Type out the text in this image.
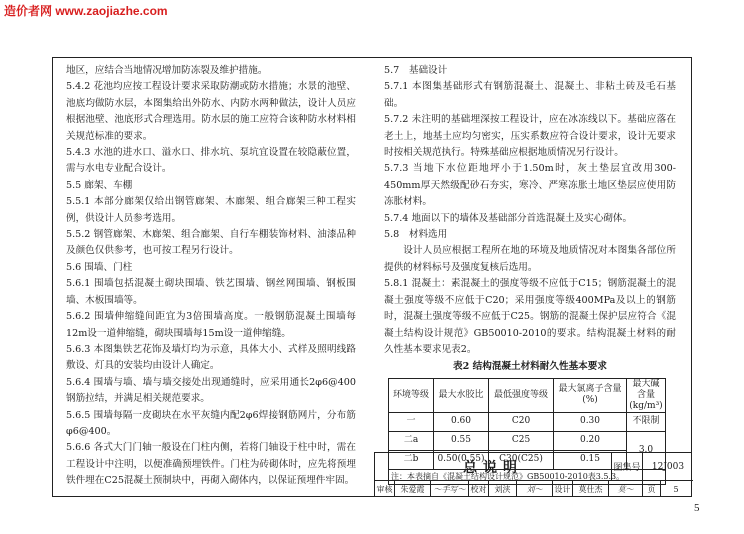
造价者网 www.zaojiazhe.com

地区，应结合当地情况增加防冻裂及维护措施。

5.4.2 花池均应按工程设计要求采取防潮或防水措施；水景的池壁、池底均做防水层，本图集给出外防水、内防水两种做法，设计人员应根据池壁、池底形式合理选用。防水层的施工应符合该种防水材料相关规范标准的要求。

5.4.3 水池的进水口、溢水口、排水坑、泵坑宜设置在较隐蔽位置，需与水电专业配合设计。

5.5 廊架、车棚

5.5.1 本部分廊架仅给出钢管廊架、木廊架、组合廊架三种工程实例，供设计人员参考选用。

5.5.2 钢管廊架、木廊架、组合廊架、自行车棚装饰材料、油漆品种及颜色仅供参考，也可按工程另行设计。

5.6 围墙、门柱

5.6.1 围墙包括混凝土砌块围墙、铁艺围墙、钢丝网围墙、钢板围墙、木板围墙等。

5.6.2 围墙伸缩缝间距宜为3倍围墙高度。一般钢筋混凝土围墙每12m设一道伸缩缝，砌块围墙每15m设一道伸缩缝。

5.6.3 本图集铁艺花饰及墙灯均为示意，具体大小、式样及照明线路敷设、灯具的安装均由设计人确定。

5.6.4 围墙与墙、墙与墙交接处出现通缝时，应采用通长2φ6@400钢筋拉结，并满足相关规范要求。

5.6.5 围墙每隔一皮砌块在水平灰缝内配2φ6焊接钢筋网片，分布筋φ6@400。

5.6.6 各式大门门轴一般设在门柱内侧，若将门轴设于柱中时，需在工程设计中注明，以便准确预埋铁件。门柱为砖砌体时，应先将预埋铁件埋在C25混凝土预制块中，再砌入砌体内，以保证预埋件牢固。

5.7　基础设计

5.7.1 本图集基础形式有钢筋混凝土、混凝土、非粘土砖及毛石基础。

5.7.2 未注明的基础埋深按工程设计，应在冰冻线以下。基础应落在老土上，地基土应均匀密实，压实系数应符合设计要求，设计无要求时按相关规范执行。特殊基础应根据地质情况另行设计。

5.7.3 当地下水位距地坪小于1.50m时，灰土垫层宜改用300-450mm厚天然级配砂石夯实，寒冷、严寒冻胀土地区垫层应使用防冻胀材料。

5.7.4 地面以下的墙体及基础部分首选混凝土及实心砌体。

5.8　材料选用

设计人员应根据工程所在地的环境及地质情况对本图集各部位所提供的材料标号及强度复核后选用。

5.8.1 混凝土：素混凝土的强度等级不应低于C15；钢筋混凝土的混凝土强度等级不应低于C20；采用强度等级400MPa及以上的钢筋时，混凝土强度等级不应低于C25。钢筋的混凝土保护层应符合《混凝土结构设计规范》GB50010-2010的要求。结构混凝土材料的耐久性基本要求见表2。

表2 结构混凝土材料耐久性基本要求
环境等级	最大水胶比	最低强度等级	最大氯离子含量(%)	最大碱含量(kg/m³)
一	0.60	C20	0.30	不限制
二a	0.55	C25	0.20	3.0
二b	0.50(0.55)	C30(C25)	0.15	
注：本表摘自《混凝土结构设计规范》GB50010-2010表3.5.3。				
总说明	图集号	12J003
审核	朱爱霞	～手写～ 校对	刘浃	刘～	设计	莫仕杰	莫～	页	5
5
